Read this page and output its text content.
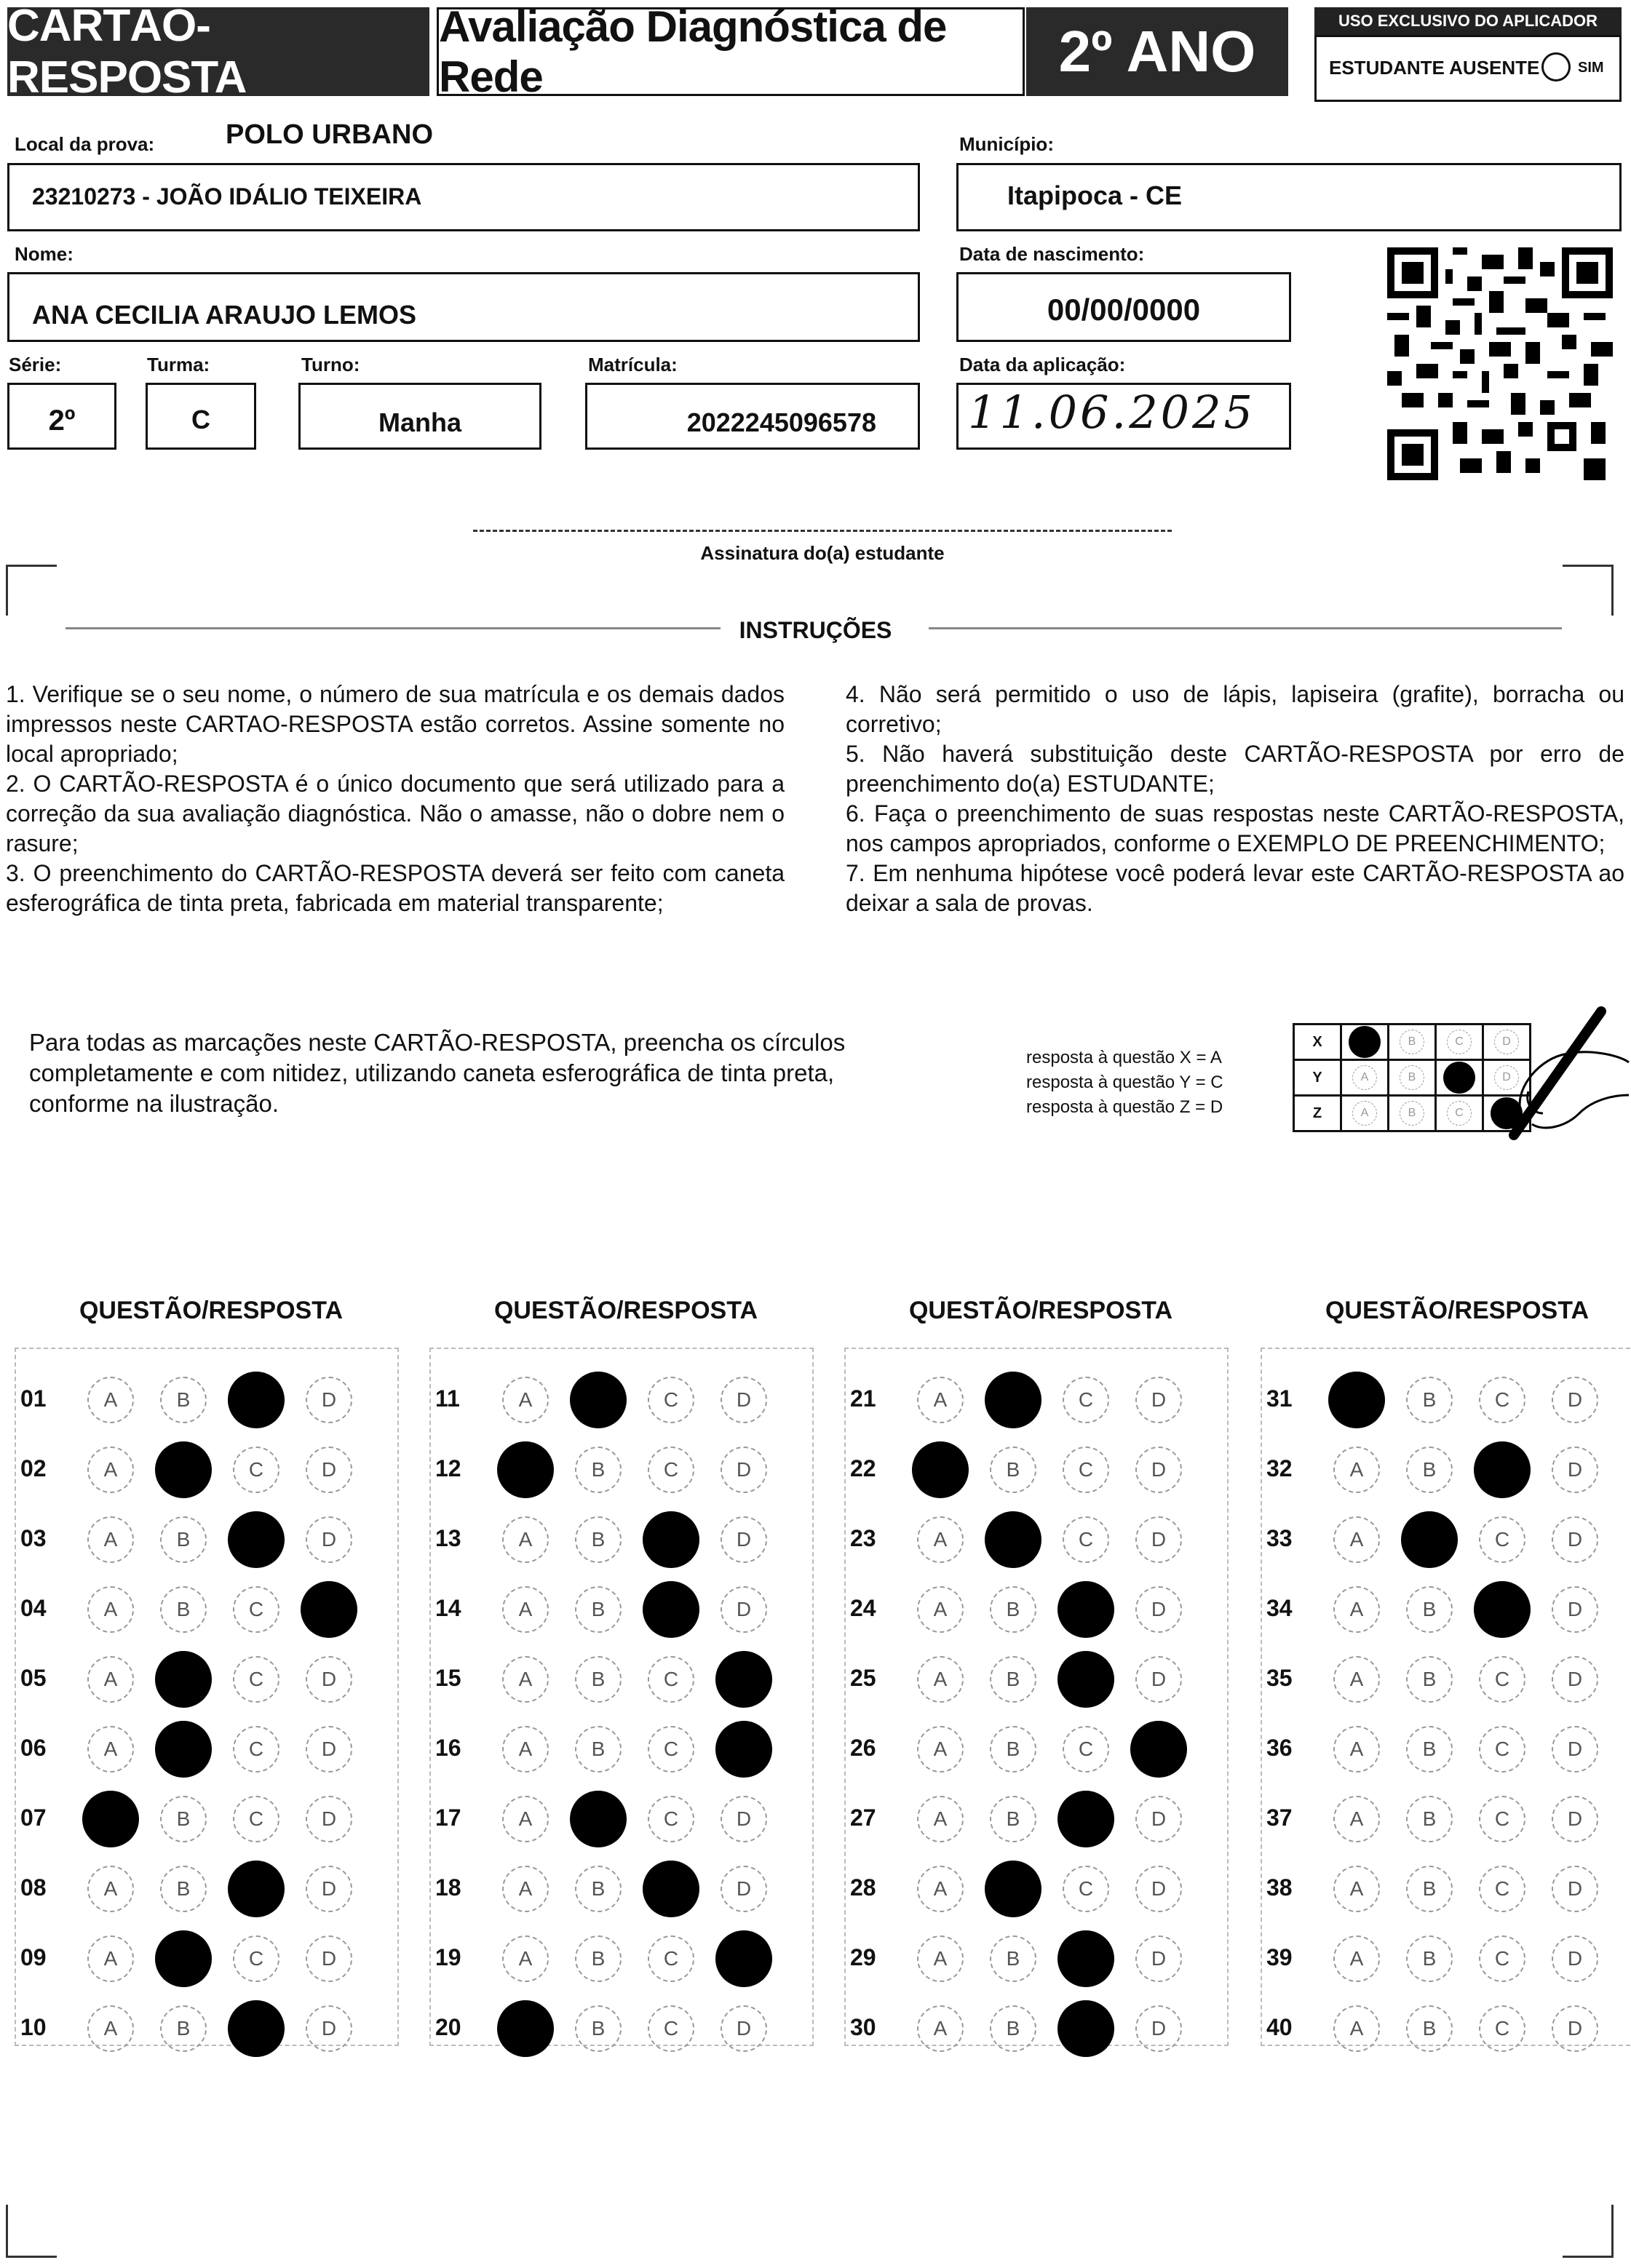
CARTÃO-RESPOSTA
Avaliação Diagnóstica de Rede	2º ANO	USO EXCLUSIVO DO APLICADOR
ESTUDANTE AUSENTE	SIM
Local da prova:	POLO URBANO
23210273 - JOÃO IDÁLIO TEIXEIRA
Município:
Itapipoca - CE
Nome:
ANA CECILIA ARAUJO LEMOS
Data de nascimento:
00/00/0000
Série:
2º
Turma:
C
Turno:
Manha
Matrícula:
2022245096578
Data da aplicação:
11.06.2025
Assinatura do(a) estudante
INSTRUÇÕES

1. Verifique se o seu nome, o número de sua matrícula e os demais dados impressos neste CARTAO-RESPOSTA estão corretos. Assine somente no local apropriado;

2. O CARTÃO-RESPOSTA é o único documento que será utilizado para a correção da sua avaliação diagnóstica. Não o amasse, não o dobre nem o rasure;

3. O preenchimento do CARTÃO-RESPOSTA deverá ser feito com caneta esferográfica de tinta preta, fabricada em material transparente;

4. Não será permitido o uso de lápis, lapiseira (grafite), borracha ou corretivo;

5. Não haverá substituição deste CARTÃO-RESPOSTA por erro de preenchimento do(a) ESTUDANTE;

6. Faça o preenchimento de suas respostas neste CARTÃO-RESPOSTA, nos campos apropriados, conforme o EXEMPLO DE PREENCHIMENTO;

7. Em nenhuma hipótese você poderá levar este CARTÃO-RESPOSTA ao deixar a sala de provas.

Para todas as marcações neste CARTÃO-RESPOSTA, preencha os círculos completamente e com nitidez, utilizando caneta esferográfica de tinta preta, conforme na ilustração.
resposta à questão X = A
resposta à questão Y = C
resposta à questão Z = D
X	A	B	C	D
Y	A	B	C	D
Z	A	B	C	D
QUESTÃO/RESPOSTA
01	A	B	C	D
02	A	B	C	D
03	A	B	C	D
04	A	B	C	D
05	A	B	C	D
06	A	B	C	D
07	A	B	C	D
08	A	B	C	D
09	A	B	C	D
10	A	B	C	D
QUESTÃO/RESPOSTA
11	A	B	C	D
12	A	B	C	D
13	A	B	C	D
14	A	B	C	D
15	A	B	C	D
16	A	B	C	D
17	A	B	C	D
18	A	B	C	D
19	A	B	C	D
20	A	B	C	D
QUESTÃO/RESPOSTA
21	A	B	C	D
22	A	B	C	D
23	A	B	C	D
24	A	B	C	D
25	A	B	C	D
26	A	B	C	D
27	A	B	C	D
28	A	B	C	D
29	A	B	C	D
30	A	B	C	D
QUESTÃO/RESPOSTA
31	A	B	C	D
32	A	B	C	D
33	A	B	C	D
34	A	B	C	D
35	A	B	C	D
36	A	B	C	D
37	A	B	C	D
38	A	B	C	D
39	A	B	C	D
40	A	B	C	D
